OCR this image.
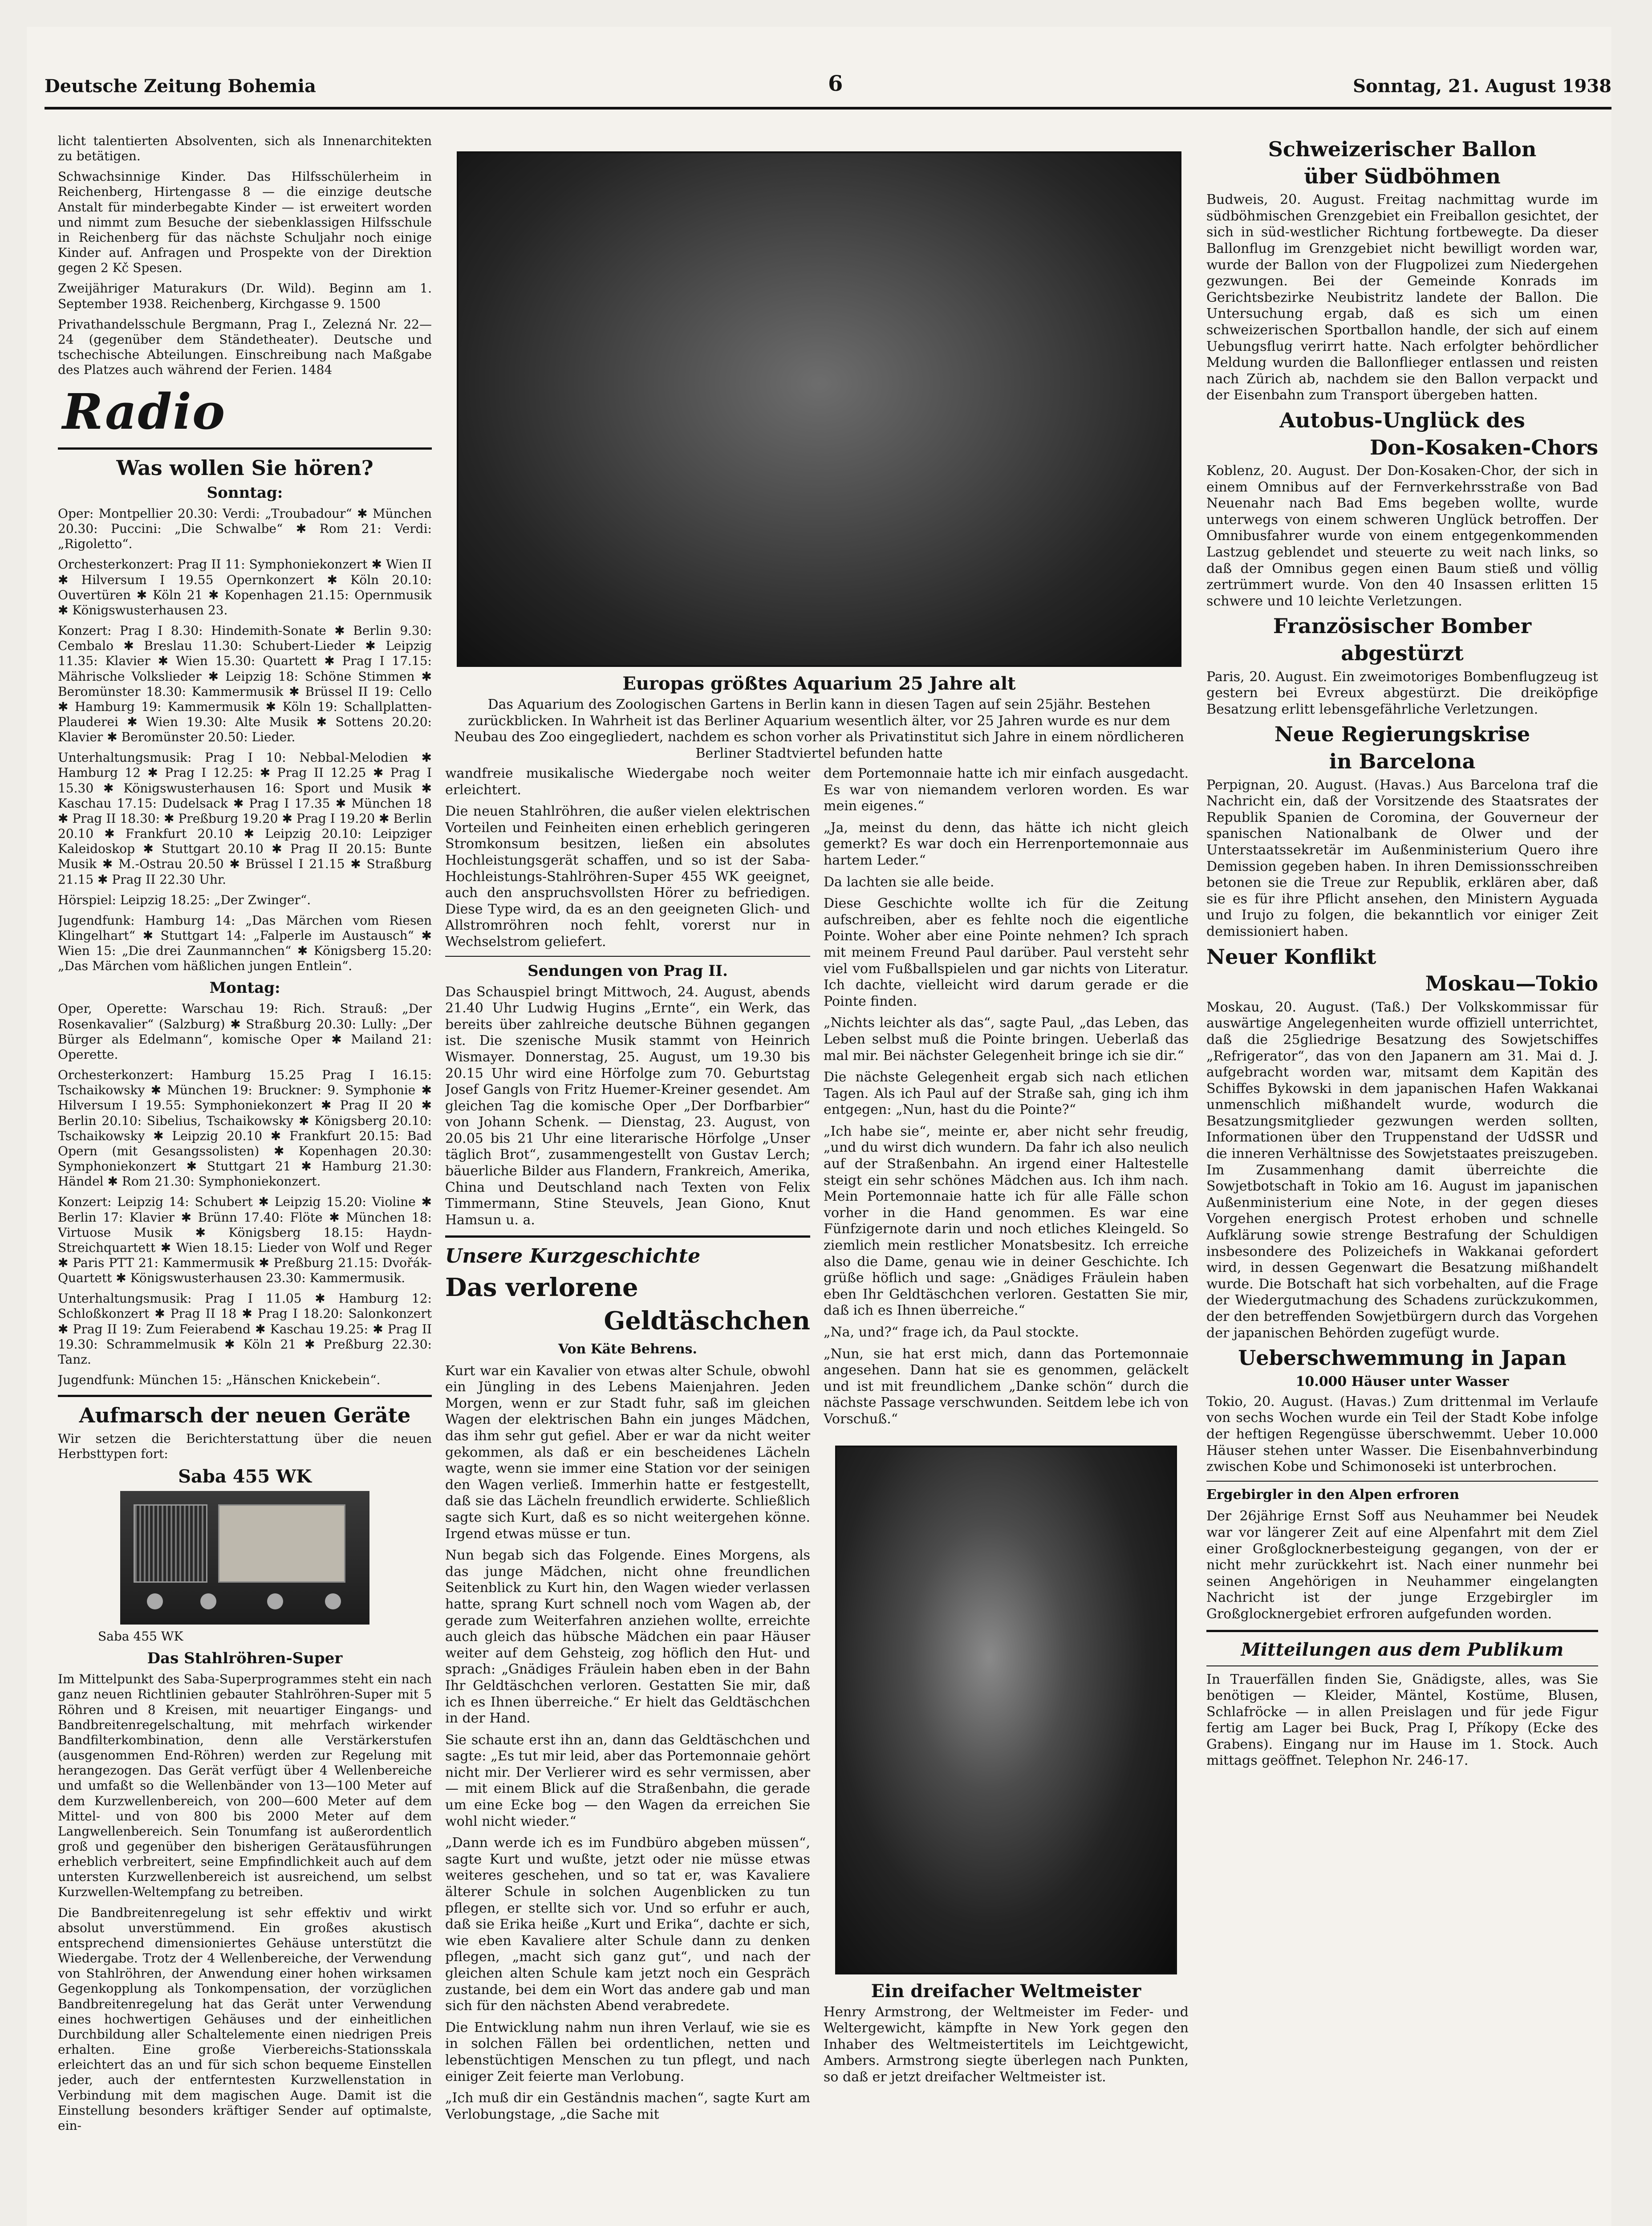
Deutsche Zeitung Bohemia	6	Sonntag, 21. August 1938

licht talentierten Absolventen, sich als Innenarchitekten zu betätigen.

Schwachsinnige Kinder. Das Hilfsschülerheim in Reichenberg, Hirtengasse 8 — die einzige deutsche Anstalt für minderbegabte Kinder — ist erweitert worden und nimmt zum Besuche der siebenklassigen Hilfsschule in Reichenberg für das nächste Schuljahr noch einige Kinder auf. Anfragen und Prospekte von der Direktion gegen 2 Kč Spesen.

Zweijähriger Maturakurs (Dr. Wild). Beginn am 1. September 1938. Reichenberg, Kirchgasse 9. 1500

Privathandelsschule Bergmann, Prag I., Zelezná Nr. 22—24 (gegenüber dem Ständetheater). Deutsche und tschechische Abteilungen. Einschreibung nach Maßgabe des Platzes auch während der Ferien. 1484

Radio
Was wollen Sie hören?
Sonntag:

Oper: Montpellier 20.30: Verdi: „Troubadour“ ✱ München 20.30: Puccini: „Die Schwalbe“ ✱ Rom 21: Verdi: „Rigoletto“.

Orchesterkonzert: Prag II 11: Symphoniekonzert ✱ Wien II ✱ Hilversum I 19.55 Opernkonzert ✱ Köln 20.10: Ouvertüren ✱ Köln 21 ✱ Kopenhagen 21.15: Opernmusik ✱ Königswusterhausen 23.

Konzert: Prag I 8.30: Hindemith-Sonate ✱ Berlin 9.30: Cembalo ✱ Breslau 11.30: Schubert-Lieder ✱ Leipzig 11.35: Klavier ✱ Wien 15.30: Quartett ✱ Prag I 17.15: Mährische Volkslieder ✱ Leipzig 18: Schöne Stimmen ✱ Beromünster 18.30: Kammermusik ✱ Brüssel II 19: Cello ✱ Hamburg 19: Kammermusik ✱ Köln 19: Schallplatten-Plauderei ✱ Wien 19.30: Alte Musik ✱ Sottens 20.20: Klavier ✱ Beromünster 20.50: Lieder.

Unterhaltungsmusik: Prag I 10: Nebbal-Melodien ✱ Hamburg 12 ✱ Prag I 12.25: ✱ Prag II 12.25 ✱ Prag I 15.30 ✱ Königswusterhausen 16: Sport und Musik ✱ Kaschau 17.15: Dudelsack ✱ Prag I 17.35 ✱ München 18 ✱ Prag II 18.30: ✱ Preßburg 19.20 ✱ Prag I 19.20 ✱ Berlin 20.10 ✱ Frankfurt 20.10 ✱ Leipzig 20.10: Leipziger Kaleidoskop ✱ Stuttgart 20.10 ✱ Prag II 20.15: Bunte Musik ✱ M.-Ostrau 20.50 ✱ Brüssel I 21.15 ✱ Straßburg 21.15 ✱ Prag II 22.30 Uhr.

Hörspiel: Leipzig 18.25: „Der Zwinger“.

Jugendfunk: Hamburg 14: „Das Märchen vom Riesen Klingelhart“ ✱ Stuttgart 14: „Falperle im Austausch“ ✱ Wien 15: „Die drei Zaunmannchen“ ✱ Königsberg 15.20: „Das Märchen vom häßlichen jungen Entlein“.

Montag:

Oper, Operette: Warschau 19: Rich. Strauß: „Der Rosenkavalier“ (Salzburg) ✱ Straßburg 20.30: Lully: „Der Bürger als Edelmann“, komische Oper ✱ Mailand 21: Operette.

Orchesterkonzert: Hamburg 15.25 Prag I 16.15: Tschaikowsky ✱ München 19: Bruckner: 9. Symphonie ✱ Hilversum I 19.55: Symphoniekonzert ✱ Prag II 20 ✱ Berlin 20.10: Sibelius, Tschaikowsky ✱ Königsberg 20.10: Tschaikowsky ✱ Leipzig 20.10 ✱ Frankfurt 20.15: Bad Opern (mit Gesangssolisten) ✱ Kopenhagen 20.30: Symphoniekonzert ✱ Stuttgart 21 ✱ Hamburg 21.30: Händel ✱ Rom 21.30: Symphoniekonzert.

Konzert: Leipzig 14: Schubert ✱ Leipzig 15.20: Violine ✱ Berlin 17: Klavier ✱ Brünn 17.40: Flöte ✱ München 18: Virtuose Musik ✱ Königsberg 18.15: Haydn-Streichquartett ✱ Wien 18.15: Lieder von Wolf und Reger ✱ Paris PTT 21: Kammermusik ✱ Preßburg 21.15: Dvořák-Quartett ✱ Königswusterhausen 23.30: Kammermusik.

Unterhaltungsmusik: Prag I 11.05 ✱ Hamburg 12: Schloßkonzert ✱ Prag II 18 ✱ Prag I 18.20: Salonkonzert ✱ Prag II 19: Zum Feierabend ✱ Kaschau 19.25: ✱ Prag II 19.30: Schrammelmusik ✱ Köln 21 ✱ Preßburg 22.30: Tanz.

Jugendfunk: München 15: „Hänschen Knickebein“.

Aufmarsch der neuen Geräte

Wir setzen die Berichterstattung über die neuen Herbsttypen fort:

Saba 455 WK

Saba 455 WK

Das Stahlröhren-Super

Im Mittelpunkt des Saba-Superprogrammes steht ein nach ganz neuen Richtlinien gebauter Stahlröhren-Super mit 5 Röhren und 8 Kreisen, mit neuartiger Eingangs- und Bandbreitenregelschaltung, mit mehrfach wirkender Bandfilterkombination, denn alle Verstärkerstufen (ausgenommen End-Röhren) werden zur Regelung mit herangezogen. Das Gerät verfügt über 4 Wellenbereiche und umfaßt so die Wellenbänder von 13—100 Meter auf dem Kurzwellenbereich, von 200—600 Meter auf dem Mittel- und von 800 bis 2000 Meter auf dem Langwellenbereich. Sein Tonumfang ist außerordentlich groß und gegenüber den bisherigen Gerätausführungen erheblich verbreitert, seine Empfindlichkeit auch auf dem untersten Kurzwellenbereich ist ausreichend, um selbst Kurzwellen-Weltempfang zu betreiben.

Die Bandbreitenregelung ist sehr effektiv und wirkt absolut unverstümmend. Ein großes akustisch entsprechend dimensioniertes Gehäuse unterstützt die Wiedergabe. Trotz der 4 Wellenbereiche, der Verwendung von Stahlröhren, der Anwendung einer hohen wirksamen Gegenkopplung als Tonkompensation, der vorzüglichen Bandbreitenregelung hat das Gerät unter Verwendung eines hochwertigen Gehäuses und der einheitlichen Durchbildung aller Schaltelemente einen niedrigen Preis erhalten. Eine große Vierbereichs-Stationsskala erleichtert das an und für sich schon bequeme Einstellen jeder, auch der entferntesten Kurzwellenstation in Verbindung mit dem magischen Auge. Damit ist die Einstellung besonders kräftiger Sender auf optimalste, ein-

Europas größtes Aquarium 25 Jahre alt

Das Aquarium des Zoologischen Gartens in Berlin kann in diesen Tagen auf sein 25jähr. Bestehen zurückblicken. In Wahrheit ist das Berliner Aquarium wesentlich älter, vor 25 Jahren wurde es nur dem Neubau des Zoo eingegliedert, nachdem es schon vorher als Privatinstitut sich Jahre in einem nördlicheren Berliner Stadtviertel befunden hatte

wandfreie musikalische Wiedergabe noch weiter erleichtert.

Die neuen Stahlröhren, die außer vielen elektrischen Vorteilen und Feinheiten einen erheblich geringeren Stromkonsum besitzen, ließen ein absolutes Hochleistungsgerät schaffen, und so ist der Saba-Hochleistungs-Stahlröhren-Super 455 WK geeignet, auch den anspruchsvollsten Hörer zu befriedigen. Diese Type wird, da es an den geeigneten Glich- und Allstromröhren noch fehlt, vorerst nur in Wechselstrom geliefert.

Sendungen von Prag II.

Das Schauspiel bringt Mittwoch, 24. August, abends 21.40 Uhr Ludwig Hugins „Ernte“, ein Werk, das bereits über zahlreiche deutsche Bühnen gegangen ist. Die szenische Musik stammt von Heinrich Wismayer. Donnerstag, 25. August, um 19.30 bis 20.15 Uhr wird eine Hörfolge zum 70. Geburtstag Josef Gangls von Fritz Huemer-Kreiner gesendet. Am gleichen Tag die komische Oper „Der Dorfbarbier“ von Johann Schenk. — Dienstag, 23. August, von 20.05 bis 21 Uhr eine literarische Hörfolge „Unser täglich Brot“, zusammengestellt von Gustav Lerch; bäuerliche Bilder aus Flandern, Frankreich, Amerika, China und Deutschland nach Texten von Felix Timmermann, Stine Steuvels, Jean Giono, Knut Hamsun u. a.

Unsere Kurzgeschichte
Das verlorene
Geldtäschchen

Von Käte Behrens.

Kurt war ein Kavalier von etwas alter Schule, obwohl ein Jüngling in des Lebens Maienjahren. Jeden Morgen, wenn er zur Stadt fuhr, saß im gleichen Wagen der elektrischen Bahn ein junges Mädchen, das ihm sehr gut gefiel. Aber er war da nicht weiter gekommen, als daß er ein bescheidenes Lächeln wagte, wenn sie immer eine Station vor der seinigen den Wagen verließ. Immerhin hatte er festgestellt, daß sie das Lächeln freundlich erwiderte. Schließlich sagte sich Kurt, daß es so nicht weitergehen könne. Irgend etwas müsse er tun.

Nun begab sich das Folgende. Eines Morgens, als das junge Mädchen, nicht ohne freundlichen Seitenblick zu Kurt hin, den Wagen wieder verlassen hatte, sprang Kurt schnell noch vom Wagen ab, der gerade zum Weiterfahren anziehen wollte, erreichte auch gleich das hübsche Mädchen ein paar Häuser weiter auf dem Gehsteig, zog höflich den Hut- und sprach: „Gnädiges Fräulein haben eben in der Bahn Ihr Geldtäschchen verloren. Gestatten Sie mir, daß ich es Ihnen überreiche.“ Er hielt das Geldtäschchen in der Hand.

Sie schaute erst ihn an, dann das Geldtäschchen und sagte: „Es tut mir leid, aber das Portemonnaie gehört nicht mir. Der Verlierer wird es sehr vermissen, aber — mit einem Blick auf die Straßenbahn, die gerade um eine Ecke bog — den Wagen da erreichen Sie wohl nicht wieder.“

„Dann werde ich es im Fundbüro abgeben müssen“, sagte Kurt und wußte, jetzt oder nie müsse etwas weiteres geschehen, und so tat er, was Kavaliere älterer Schule in solchen Augenblicken zu tun pflegen, er stellte sich vor. Und so erfuhr er auch, daß sie Erika heiße „Kurt und Erika“, dachte er sich, wie eben Kavaliere alter Schule dann zu denken pflegen, „macht sich ganz gut“, und nach der gleichen alten Schule kam jetzt noch ein Gespräch zustande, bei dem ein Wort das andere gab und man sich für den nächsten Abend verabredete.

Die Entwicklung nahm nun ihren Verlauf, wie sie es in solchen Fällen bei ordentlichen, netten und lebenstüchtigen Menschen zu tun pflegt, und nach einiger Zeit feierte man Verlobung.

„Ich muß dir ein Geständnis machen“, sagte Kurt am Verlobungstage, „die Sache mit

dem Portemonnaie hatte ich mir einfach ausgedacht. Es war von niemandem verloren worden. Es war mein eigenes.“

„Ja, meinst du denn, das hätte ich nicht gleich gemerkt? Es war doch ein Herrenportemonnaie aus hartem Leder.“

Da lachten sie alle beide.

Diese Geschichte wollte ich für die Zeitung aufschreiben, aber es fehlte noch die eigentliche Pointe. Woher aber eine Pointe nehmen? Ich sprach mit meinem Freund Paul darüber. Paul versteht sehr viel vom Fußballspielen und gar nichts von Literatur. Ich dachte, vielleicht wird darum gerade er die Pointe finden.

„Nichts leichter als das“, sagte Paul, „das Leben, das Leben selbst muß die Pointe bringen. Ueberlaß das mal mir. Bei nächster Gelegenheit bringe ich sie dir.“

Die nächste Gelegenheit ergab sich nach etlichen Tagen. Als ich Paul auf der Straße sah, ging ich ihm entgegen: „Nun, hast du die Pointe?“

„Ich habe sie“, meinte er, aber nicht sehr freudig, „und du wirst dich wundern. Da fahr ich also neulich auf der Straßenbahn. An irgend einer Haltestelle steigt ein sehr schönes Mädchen aus. Ich ihm nach. Mein Portemonnaie hatte ich für alle Fälle schon vorher in die Hand genommen. Es war eine Fünfzigernote darin und noch etliches Kleingeld. So ziemlich mein restlicher Monatsbesitz. Ich erreiche also die Dame, genau wie in deiner Geschichte. Ich grüße höflich und sage: „Gnädiges Fräulein haben eben Ihr Geldtäschchen verloren. Gestatten Sie mir, daß ich es Ihnen überreiche.“

„Na, und?“ frage ich, da Paul stockte.

„Nun, sie hat erst mich, dann das Portemonnaie angesehen. Dann hat sie es genommen, geläckelt und ist mit freundlichem „Danke schön“ durch die nächste Passage verschwunden. Seitdem lebe ich von Vorschuß.“

Ein dreifacher Weltmeister

Henry Armstrong, der Weltmeister im Feder- und Weltergewicht, kämpfte in New York gegen den Inhaber des Weltmeistertitels im Leichtgewicht, Ambers. Armstrong siegte überlegen nach Punkten, so daß er jetzt dreifacher Weltmeister ist.

Schweizerischer Ballon
über Südböhmen

Budweis, 20. August. Freitag nachmittag wurde im südböhmischen Grenzgebiet ein Freiballon gesichtet, der sich in süd-westlicher Richtung fortbewegte. Da dieser Ballonflug im Grenzgebiet nicht bewilligt worden war, wurde der Ballon von der Flugpolizei zum Niedergehen gezwungen. Bei der Gemeinde Konrads im Gerichtsbezirke Neubistritz landete der Ballon. Die Untersuchung ergab, daß es sich um einen schweizerischen Sportballon handle, der sich auf einem Uebungsflug verirrt hatte. Nach erfolgter behördlicher Meldung wurden die Ballonflieger entlassen und reisten nach Zürich ab, nachdem sie den Ballon verpackt und der Eisenbahn zum Transport übergeben hatten.

Autobus-Unglück des
Don-Kosaken-Chors

Koblenz, 20. August. Der Don-Kosaken-Chor, der sich in einem Omnibus auf der Fernverkehrsstraße von Bad Neuenahr nach Bad Ems begeben wollte, wurde unterwegs von einem schweren Unglück betroffen. Der Omnibusfahrer wurde von einem entgegenkommenden Lastzug geblendet und steuerte zu weit nach links, so daß der Omnibus gegen einen Baum stieß und völlig zertrümmert wurde. Von den 40 Insassen erlitten 15 schwere und 10 leichte Verletzungen.

Französischer Bomber
abgestürzt

Paris, 20. August. Ein zweimotoriges Bombenflugzeug ist gestern bei Evreux abgestürzt. Die dreiköpfige Besatzung erlitt lebensgefährliche Verletzungen.

Neue Regierungskrise
in Barcelona

Perpignan, 20. August. (Havas.) Aus Barcelona traf die Nachricht ein, daß der Vorsitzende des Staatsrates der Republik Spanien de Coromina, der Gouverneur der spanischen Nationalbank de Olwer und der Unterstaatssekretär im Außenministerium Quero ihre Demission gegeben haben. In ihren Demissionsschreiben betonen sie die Treue zur Republik, erklären aber, daß sie es für ihre Pflicht ansehen, den Ministern Ayguada und Irujo zu folgen, die bekanntlich vor einiger Zeit demissioniert haben.

Neuer Konflikt
Moskau—Tokio

Moskau, 20. August. (Taß.) Der Volkskommissar für auswärtige Angelegenheiten wurde offiziell unterrichtet, daß die 25gliedrige Besatzung des Sowjetschiffes „Refrigerator“, das von den Japanern am 31. Mai d. J. aufgebracht worden war, mitsamt dem Kapitän des Schiffes Bykowski in dem japanischen Hafen Wakkanai unmenschlich mißhandelt wurde, wodurch die Besatzungsmitglieder gezwungen werden sollten, Informationen über den Truppenstand der UdSSR und die inneren Verhältnisse des Sowjetstaates preiszugeben. Im Zusammenhang damit überreichte die Sowjetbotschaft in Tokio am 16. August im japanischen Außenministerium eine Note, in der gegen dieses Vorgehen energisch Protest erhoben und schnelle Aufklärung sowie strenge Bestrafung der Schuldigen insbesondere des Polizeichefs in Wakkanai gefordert wird, in dessen Gegenwart die Besatzung mißhandelt wurde. Die Botschaft hat sich vorbehalten, auf die Frage der Wiedergutmachung des Schadens zurückzukommen, der den betreffenden Sowjetbürgern durch das Vorgehen der japanischen Behörden zugefügt wurde.

Ueberschwemmung in Japan
10.000 Häuser unter Wasser

Tokio, 20. August. (Havas.) Zum drittenmal im Verlaufe von sechs Wochen wurde ein Teil der Stadt Kobe infolge der heftigen Regengüsse überschwemmt. Ueber 10.000 Häuser stehen unter Wasser. Die Eisenbahnverbindung zwischen Kobe und Schimonoseki ist unterbrochen.

Ergebirgler in den Alpen erfroren

Der 26jährige Ernst Soff aus Neuhammer bei Neudek war vor längerer Zeit auf eine Alpenfahrt mit dem Ziel einer Großglocknerbesteigung gegangen, von der er nicht mehr zurückkehrt ist. Nach einer nunmehr bei seinen Angehörigen in Neuhammer eingelangten Nachricht ist der junge Erzgebirgler im Großglocknergebiet erfroren aufgefunden worden.

Mitteilungen aus dem Publikum

In Trauerfällen finden Sie, Gnädigste, alles, was Sie benötigen — Kleider, Mäntel, Kostüme, Blusen, Schlafröcke — in allen Preislagen und für jede Figur fertig am Lager bei Buck, Prag I, Příkopy (Ecke des Grabens). Eingang nur im Hause im 1. Stock. Auch mittags geöffnet. Telephon Nr. 246-17.
